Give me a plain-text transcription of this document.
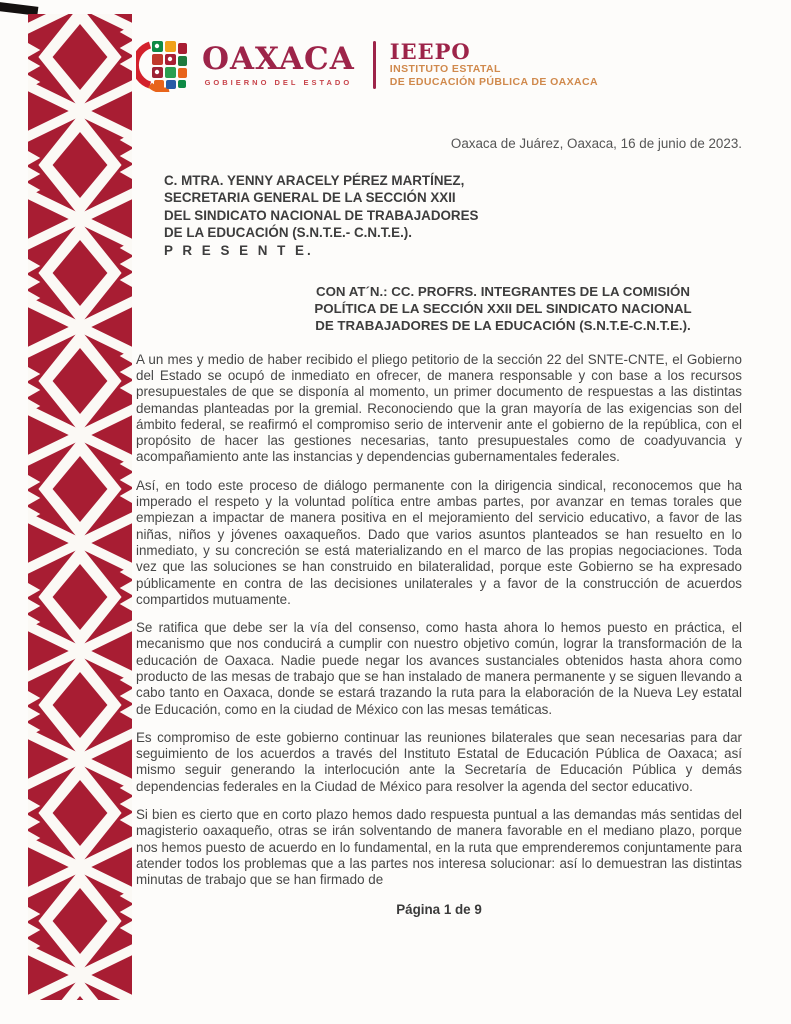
OAXACA
GOBIERNO DEL ESTADO
IEEPO
INSTITUTO ESTATAL
DE EDUCACIÓN PÚBLICA DE OAXACA
Oaxaca de Juárez, Oaxaca, 16 de junio de 2023.
C. MTRA. YENNY ARACELY PÉREZ MARTÍNEZ,
SECRETARIA GENERAL DE LA SECCIÓN XXII
DEL SINDICATO NACIONAL DE TRABAJADORES
DE LA EDUCACIÓN (S.N.T.E.- C.N.T.E.).
P R E S E N T E.
CON AT´N.: CC. PROFRS. INTEGRANTES DE LA COMISIÓN
POLÍTICA DE LA SECCIÓN XXII DEL SINDICATO NACIONAL
DE TRABAJADORES DE LA EDUCACIÓN (S.N.T.E-C.N.T.E.).

A un mes y medio de haber recibido el pliego petitorio de la sección 22 del SNTE-CNTE, el Gobierno del Estado se ocupó de inmediato en ofrecer, de manera responsable y con base a los recursos presupuestales de que se disponía al momento, un primer documento de respuestas a las distintas demandas planteadas por la gremial. Reconociendo que la gran mayoría de las exigencias son del ámbito federal, se reafirmó el compromiso serio de intervenir ante el gobierno de la república, con el propósito de hacer las gestiones necesarias, tanto presupuestales como de coadyuvancia y acompañamiento ante las instancias y dependencias gubernamentales federales.

Así, en todo este proceso de diálogo permanente con la dirigencia sindical, reconocemos que ha imperado el respeto y la voluntad política entre ambas partes, por avanzar en temas torales que empiezan a impactar de manera positiva en el mejoramiento del servicio educativo, a favor de las niñas, niños y jóvenes oaxaqueños. Dado que varios asuntos planteados se han resuelto en lo inmediato, y su concreción se está materializando en el marco de las propias negociaciones. Toda vez que las soluciones se han construido en bilateralidad, porque este Gobierno se ha expresado públicamente en contra de las decisiones unilaterales y a favor de la construcción de acuerdos compartidos mutuamente.

Se ratifica que debe ser la vía del consenso, como hasta ahora lo hemos puesto en práctica, el mecanismo que nos conducirá a cumplir con nuestro objetivo común, lograr la transformación de la educación de Oaxaca. Nadie puede negar los avances sustanciales obtenidos hasta ahora como producto de las mesas de trabajo que se han instalado de manera permanente y se siguen llevando a cabo tanto en Oaxaca, donde se estará trazando la ruta para la elaboración de la Nueva Ley estatal de Educación, como en la ciudad de México con las mesas temáticas.

Es compromiso de este gobierno continuar las reuniones bilaterales que sean necesarias para dar seguimiento de los acuerdos a través del Instituto Estatal de Educación Pública de Oaxaca; así mismo seguir generando la interlocución ante la Secretaría de Educación Pública y demás dependencias federales en la Ciudad de México para resolver la agenda del sector educativo.

Si bien es cierto que en corto plazo hemos dado respuesta puntual a las demandas más sentidas del magisterio oaxaqueño, otras se irán solventando de manera favorable en el mediano plazo, porque nos hemos puesto de acuerdo en lo fundamental, en la ruta que emprenderemos conjuntamente para atender todos los problemas que a las partes nos interesa solucionar: así lo demuestran las distintas minutas de trabajo que se han firmado de

Página 1 de 9
